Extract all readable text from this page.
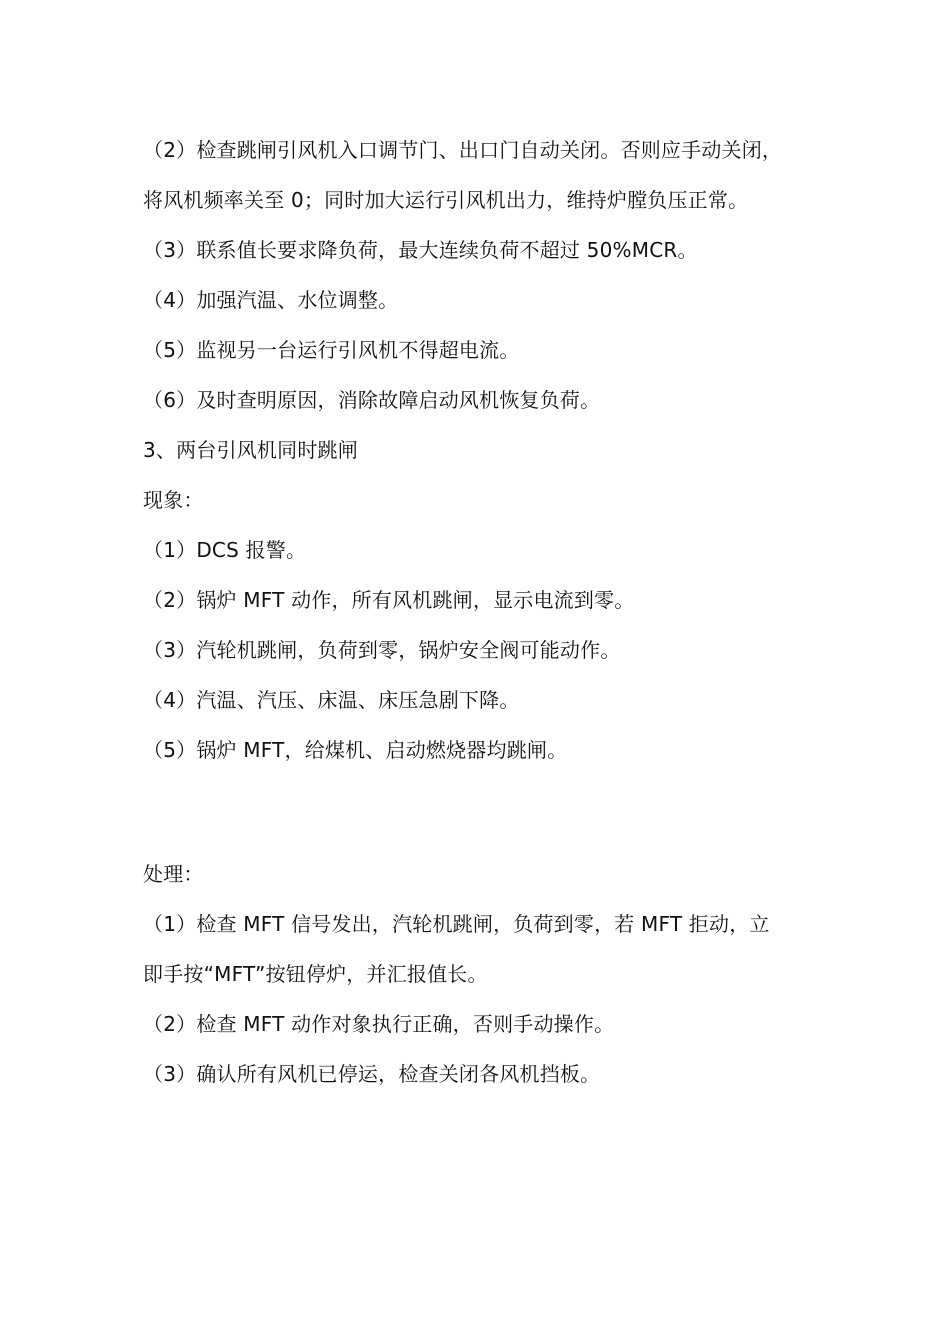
（2）检查跳闸引风机入口调节门、出口门自动关闭。否则应手动关闭，
将风机频率关至 0；同时加大运行引风机出力，维持炉膛负压正常。
（3）联系值长要求降负荷，最大连续负荷不超过 50%MCR。
（4）加强汽温、水位调整。
（5）监视另一台运行引风机不得超电流。
（6）及时查明原因，消除故障启动风机恢复负荷。
3、两台引风机同时跳闸
现象：
（1）DCS 报警。
（2）锅炉 MFT 动作，所有风机跳闸，显示电流到零。
（3）汽轮机跳闸，负荷到零，锅炉安全阀可能动作。
（4）汽温、汽压、床温、床压急剧下降。
（5）锅炉 MFT，给煤机、启动燃烧器均跳闸。
处理：
（1）检查 MFT 信号发出，汽轮机跳闸，负荷到零，若 MFT 拒动，立
即手按“MFT”按钮停炉，并汇报值长。
（2）检查 MFT 动作对象执行正确，否则手动操作。
（3）确认所有风机已停运，检查关闭各风机挡板。
